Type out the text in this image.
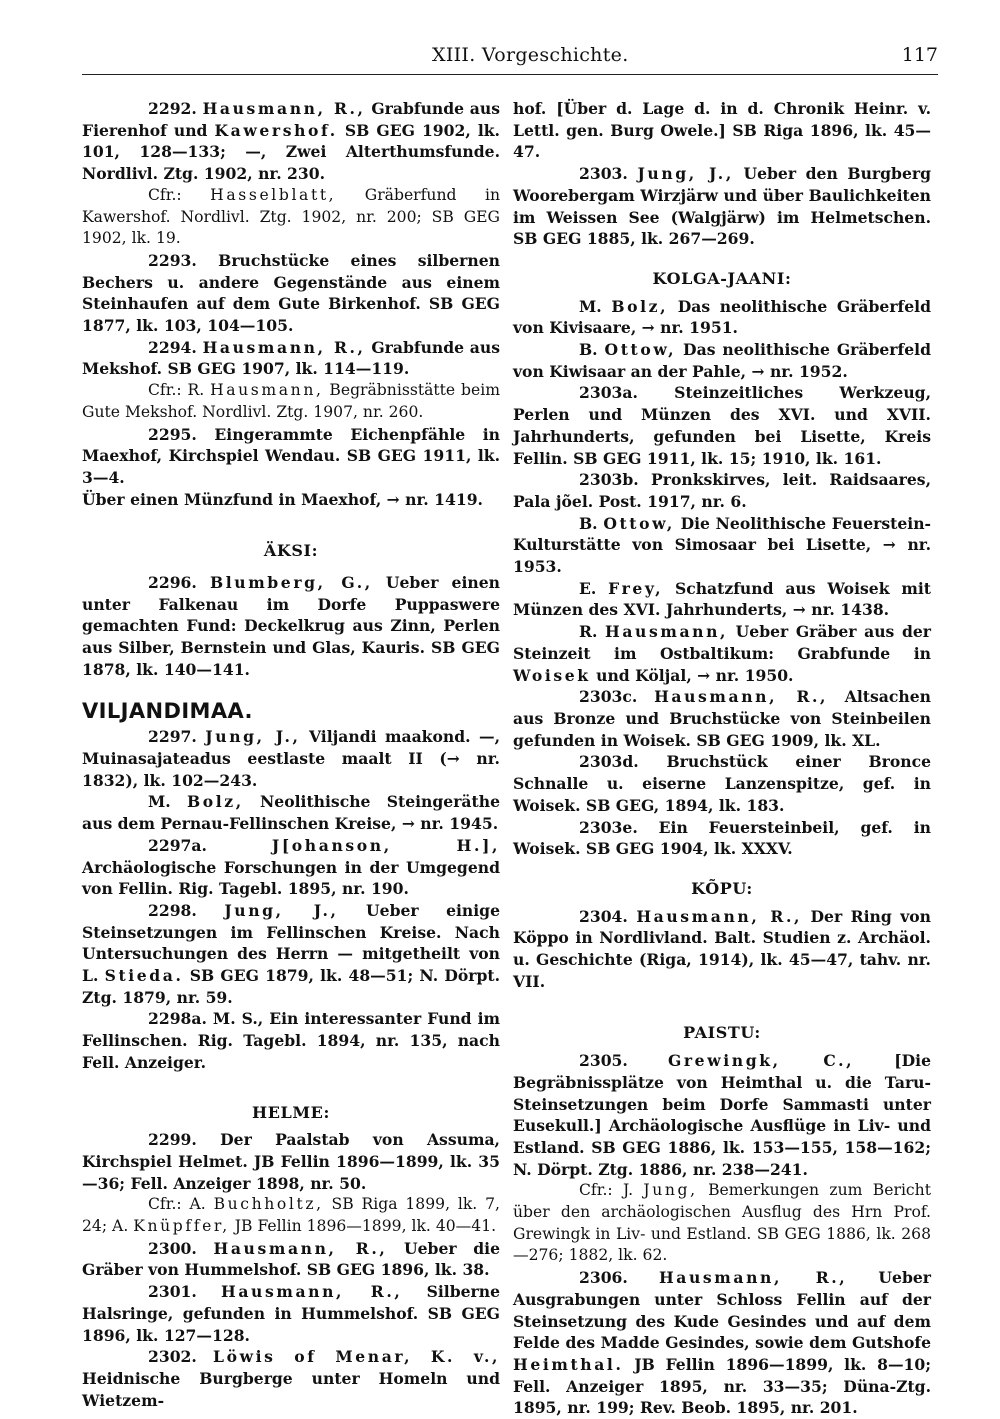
XIII. Vorgeschichte.	117

2292. Hausmann, R., Grabfunde aus Fierenhof und Kawershof. SB GEG 1902, lk. 101, 128—133; —, Zwei Alterthumsfunde. Nordlivl. Ztg. 1902, nr. 230.

Cfr.: Hasselblatt, Gräberfund in Kawershof. Nordlivl. Ztg. 1902, nr. 200; SB GEG 1902, lk. 19.

2293. Bruchstücke eines silbernen Bechers u. andere Gegenstände aus einem Steinhaufen auf dem Gute Birkenhof. SB GEG 1877, lk. 103, 104—105.

2294. Hausmann, R., Grabfunde aus Mekshof. SB GEG 1907, lk. 114—119.

Cfr.: R. Hausmann, Begräbnisstätte beim Gute Mekshof. Nordlivl. Ztg. 1907, nr. 260.

2295. Eingerammte Eichenpfähle in Maexhof, Kirchspiel Wendau. SB GEG 1911, lk. 3—4.

Über einen Münzfund in Maexhof, → nr. 1419.

ÄKSI:

2296. Blumberg, G., Ueber einen unter Falkenau im Dorfe Puppaswere gemachten Fund: Deckelkrug aus Zinn, Perlen aus Silber, Bernstein und Glas, Kauris. SB GEG 1878, lk. 140—141.

VILJANDIMAA.

2297. Jung, J., Viljandi maakond. —, Muinasajateadus eestlaste maalt II (→ nr. 1832), lk. 102—243.

M. Bolz, Neolithische Steingeräthe aus dem Pernau-Fellinschen Kreise, → nr. 1945.

2297a. J[ohanson, H.], Archäologische Forschungen in der Umgegend von Fellin. Rig. Tagebl. 1895, nr. 190.

2298. Jung, J., Ueber einige Steinsetzungen im Fellinschen Kreise. Nach Untersuchungen des Herrn — mitgetheilt von L. Stieda. SB GEG 1879, lk. 48—51; N. Dörpt. Ztg. 1879, nr. 59.

2298a. M. S., Ein interessanter Fund im Fellinschen. Rig. Tagebl. 1894, nr. 135, nach Fell. Anzeiger.

HELME:

2299. Der Paalstab von Assuma, Kirchspiel Helmet. JB Fellin 1896—1899, lk. 35—36; Fell. Anzeiger 1898, nr. 50.

Cfr.: A. Buchholtz, SB Riga 1899, lk. 7, 24; A. Knüpffer, JB Fellin 1896—1899, lk. 40—41.

2300. Hausmann, R., Ueber die Gräber von Hummelshof. SB GEG 1896, lk. 38.

2301. Hausmann, R., Silberne Halsringe, gefunden in Hummelshof. SB GEG 1896, lk. 127—128.

2302. Löwis of Menar, K. v., Heidnische Burgberge unter Homeln und Wietzem-

hof. [Über d. Lage d. in d. Chronik Heinr. v. Lettl. gen. Burg Owele.] SB Riga 1896, lk. 45—47.

2303. Jung, J., Ueber den Burgberg Woorebergam Wirzjärw und über Baulichkeiten im Weissen See (Walgjärw) im Helmetschen. SB GEG 1885, lk. 267—269.

KOLGA-JAANI:

M. Bolz, Das neolithische Gräberfeld von Kivisaare, → nr. 1951.

B. Ottow, Das neolithische Gräberfeld von Kiwisaar an der Pahle, → nr. 1952.

2303a. Steinzeitliches Werkzeug, Perlen und Münzen des XVI. und XVII. Jahrhunderts, gefunden bei Lisette, Kreis Fellin. SB GEG 1911, lk. 15; 1910, lk. 161.

2303b. Pronkskirves, leit. Raidsaares, Pala jõel. Post. 1917, nr. 6.

B. Ottow, Die Neolithische Feuerstein-Kulturstätte von Simosaar bei Lisette, → nr. 1953.

E. Frey, Schatzfund aus Woisek mit Münzen des XVI. Jahrhunderts, → nr. 1438.

R. Hausmann, Ueber Gräber aus der Steinzeit im Ostbaltikum: Grabfunde in Woisek und Köljal, → nr. 1950.

2303c. Hausmann, R., Altsachen aus Bronze und Bruchstücke von Steinbeilen gefunden in Woisek. SB GEG 1909, lk. XL.

2303d. Bruchstück einer Bronce Schnalle u. eiserne Lanzenspitze, gef. in Woisek. SB GEG, 1894, lk. 183.

2303e. Ein Feuersteinbeil, gef. in Woisek. SB GEG 1904, lk. XXXV.

KÕPU:

2304. Hausmann, R., Der Ring von Köppo in Nordlivland. Balt. Studien z. Archäol. u. Geschichte (Riga, 1914), lk. 45—47, tahv. nr. VII.

PAISTU:

2305.	Grewingk, C., [Die Begräbnissplätze von Heimthal u. die Taru-Steinsetzungen beim Dorfe Sammasti unter Eusekull.] Archäologische Ausflüge in Liv- und Estland. SB GEG 1886, lk. 153—155, 158—162; N. Dörpt. Ztg. 1886, nr. 238—241.

Cfr.: J. Jung, Bemerkungen zum Bericht über den archäologischen Ausflug des Hrn Prof. Grewingk in Liv- und Estland. SB GEG 1886, lk. 268—276; 1882, lk. 62.

2306. Hausmann, R., Ueber Ausgrabungen unter Schloss Fellin auf der Steinsetzung des Kude Gesindes und auf dem Felde des Madde Gesindes, sowie dem Gutshofe Heimthal. JB Fellin 1896—1899, lk. 8—10; Fell. Anzeiger 1895, nr. 33—35; Düna-Ztg. 1895, nr. 199; Rev. Beob. 1895, nr. 201.
